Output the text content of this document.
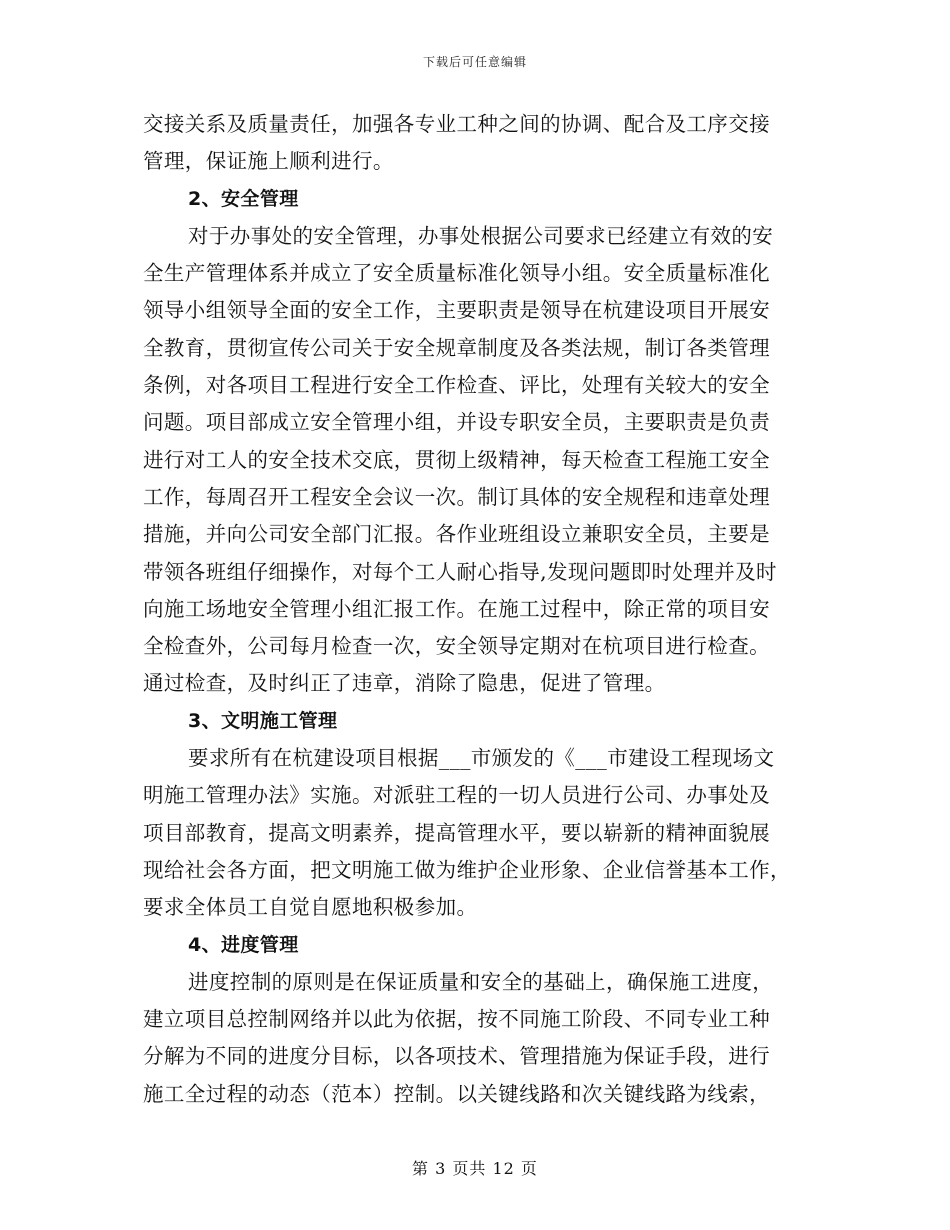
下载后可任意编辑
交接关系及质量责任，加强各专业工种之间的协调、配合及工序交接
管理，保证施上顺利进行。
2、安全管理
对于办事处的安全管理，办事处根据公司要求已经建立有效的安
全生产管理体系并成立了安全质量标准化领导小组。安全质量标准化
领导小组领导全面的安全工作，主要职责是领导在杭建设项目开展安
全教育，贯彻宣传公司关于安全规章制度及各类法规，制订各类管理
条例，对各项目工程进行安全工作检查、评比，处理有关较大的安全
问题。项目部成立安全管理小组，并设专职安全员，主要职责是负责
进行对工人的安全技术交底，贯彻上级精神，每天检查工程施工安全
工作，每周召开工程安全会议一次。制订具体的安全规程和违章处理
措施，并向公司安全部门汇报。各作业班组设立兼职安全员，主要是
带领各班组仔细操作，对每个工人耐心指导,发现问题即时处理并及时
向施工场地安全管理小组汇报工作。在施工过程中，除正常的项目安
全检查外，公司每月检查一次，安全领导定期对在杭项目进行检查。
通过检查，及时纠正了违章，消除了隐患，促进了管理。
3、文明施工管理
要求所有在杭建设项目根据___市颁发的《___市建设工程现场文
明施工管理办法》实施。对派驻工程的一切人员进行公司、办事处及
项目部教育，提高文明素养，提高管理水平，要以崭新的精神面貌展
现给社会各方面，把文明施工做为维护企业形象、企业信誉基本工作，
要求全体员工自觉自愿地积极参加。
4、进度管理
进度控制的原则是在保证质量和安全的基础上，确保施工进度，
建立项目总控制网络并以此为依据，按不同施工阶段、不同专业工种
分解为不同的进度分目标，以各项技术、管理措施为保证手段，进行
施工全过程的动态（范本）控制。以关键线路和次关键线路为线索，
第 3 页共 12 页
